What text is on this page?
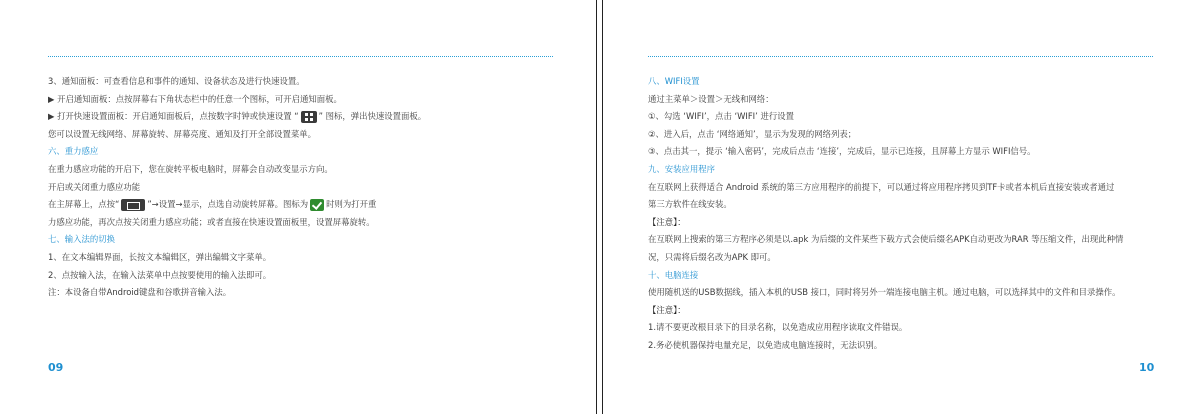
3、通知面板：可查看信息和事件的通知、设备状态及进行快速设置。
▶ 开启通知面板：点按屏幕右下角状态栏中的任意一个图标，可开启通知面板。
▶ 打开快速设置面板：开启通知面板后，点按数字时钟或快速设置 “ ” 图标，弹出快速设置面板。
您可以设置无线网络、屏幕旋转、屏幕亮度、通知及打开全部设置菜单。
六、重力感应
在重力感应功能的开启下，您在旋转平板电脑时，屏幕会自动改变显示方向。
开启或关闭重力感应功能
在主屏幕上，点按“	”→设置→显示，点选自动旋转屏幕。图标为 时则为打开重
力感应功能，再次点按关闭重力感应功能；或者直接在快速设置面板里，设置屏幕旋转。
七、输入法的切换
1、在文本编辑界面，长按文本编辑区，弹出编辑文字菜单。
2、点按输入法，在输入法菜单中点按要使用的输入法即可。
注：本设备自带Android键盘和谷歌拼音输入法。
09
八、WIFI设置
通过主菜单＞设置＞无线和网络：
①、勾选 ‘WIFI’，点击 ‘WIFI’ 进行设置
②、进入后，点击 ‘网络通知’，显示为发现的网络列表；
③、点击其一，提示 ‘输入密码’，完成后点击 ‘连接’，完成后，显示已连接，且屏幕上方显示 WIFI信号。
九、安装应用程序
在互联网上获得适合 Android 系统的第三方应用程序的前提下，可以通过将应用程序拷贝到TF卡或者本机后直接安装或者通过
第三方软件在线安装。
【注意】：
在互联网上搜索的第三方程序必须是以.apk 为后缀的文件某些下载方式会使后缀名APK自动更改为RAR 等压缩文件，出现此种情
况，只需将后缀名改为APK 即可。
十、电脑连接
使用随机送的USB数据线，插入本机的USB 接口，同时将另外一端连接电脑主机。通过电脑，可以选择其中的文件和目录操作。
【注意】：
1.请不要更改根目录下的目录名称，以免造成应用程序读取文件错误。
2.务必使机器保持电量充足，以免造成电脑连接时，无法识别。
10
